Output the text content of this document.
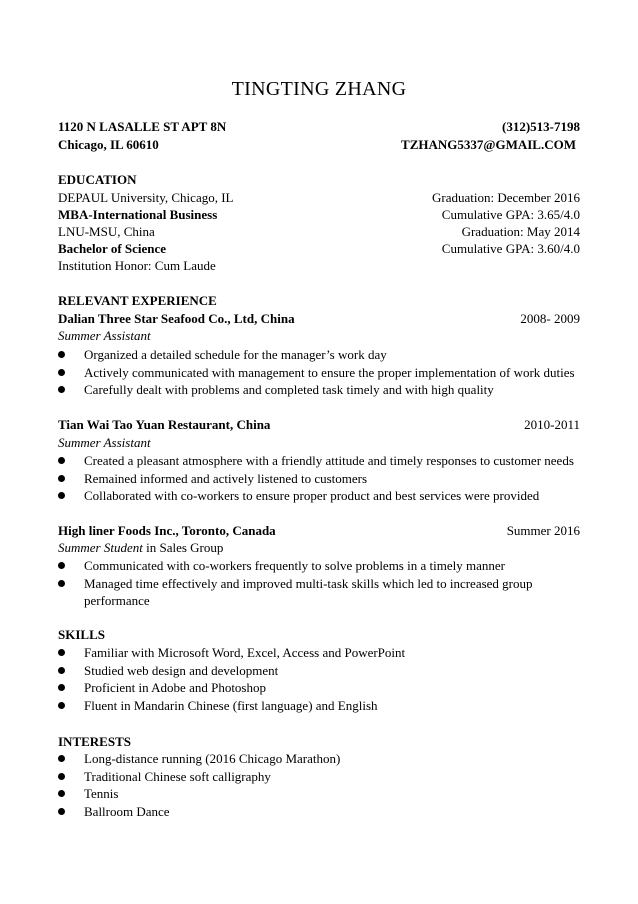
TINGTING ZHANG
1120 N LASALLE ST APT 8N	(312)513-7198
Chicago, IL 60610	TZHANG5337@GMAIL.COM
EDUCATION
DEPAUL University, Chicago, IL	Graduation: December 2016
MBA-International Business	Cumulative GPA: 3.65/4.0
LNU-MSU, China	Graduation: May 2014
Bachelor of Science	Cumulative GPA: 3.60/4.0
Institution Honor: Cum Laude
RELEVANT EXPERIENCE
Dalian Three Star Seafood Co., Ltd, China	2008- 2009
Summer Assistant
Organized a detailed schedule for the manager’s work day
Actively communicated with management to ensure the proper implementation of work duties
Carefully dealt with problems and completed task timely and with high quality
Tian Wai Tao Yuan Restaurant, China	2010-2011
Summer Assistant
Created a pleasant atmosphere with a friendly attitude and timely responses to customer needs
Remained informed and actively listened to customers
Collaborated with co-workers to ensure proper product and best services were provided
High liner Foods Inc., Toronto, Canada	Summer 2016
Summer Student in Sales Group
Communicated with co-workers frequently to solve problems in a timely manner
Managed time effectively and improved multi-task skills which led to increased group performance
SKILLS
Familiar with Microsoft Word, Excel, Access and PowerPoint
Studied web design and development
Proficient in Adobe and Photoshop
Fluent in Mandarin Chinese (first language) and English
INTERESTS
Long-distance running (2016 Chicago Marathon)
Traditional Chinese soft calligraphy
Tennis
Ballroom Dance
